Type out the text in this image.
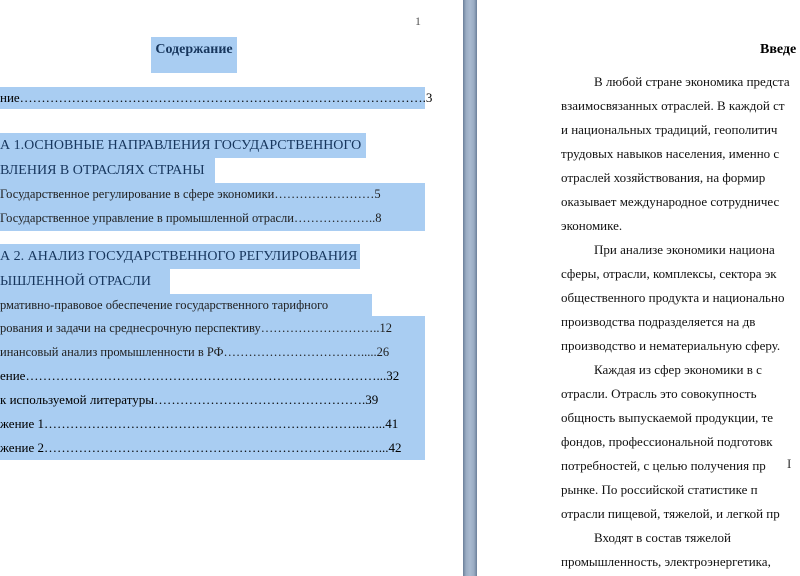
1
Содержание
ние………………………………………………………………………………….3
А 1.ОСНОВНЫЕ НАПРАВЛЕНИЯ ГОСУДАРСТВЕННОГО
ВЛЕНИЯ В ОТРАСЛЯХ СТРАНЫ
Государственное регулирование в сфере экономики……………………5
Государственное управление в промышленной отрасли………………..8
А 2. АНАЛИЗ ГОСУДАРСТВЕННОГО РЕГУЛИРОВАНИЯ
ЫШЛЕННОЙ ОТРАСЛИ
рмативно-правовое обеспечение государственного тарифного
рования и задачи на среднесрочную перспективу………………………..12
инансовый анализ промышленности в РФ…………………………….....26
ение………………………………………………………………………...32
к используемой литературы………………………………………….39
жение 1………………………………………………………………..…...41
жение 2………………………………………………………………...…...42
Введе
В любой стране экономика предста
взаимосвязанных отраслей. В каждой ст
и национальных традиций, геополитич
трудовых навыков населения, именно с
отраслей хозяйствования, на формир
оказывает международное сотрудничес
экономике.
При анализе экономики национа
сферы, отрасли, комплексы, сектора эк
общественного продукта и национально
производства подразделяется на дв
производство и нематериальную сферу.
Каждая из сфер экономики в с
отрасли. Отрасль это совокупность
общность выпускаемой продукции, те
фондов, профессиональной подготовк
потребностей, с целью получения пр
рынке. По российской статистике п
отрасли пищевой, тяжелой, и легкой пр
Входят в состав тяжелой
промышленность, электроэнергетика,
I
